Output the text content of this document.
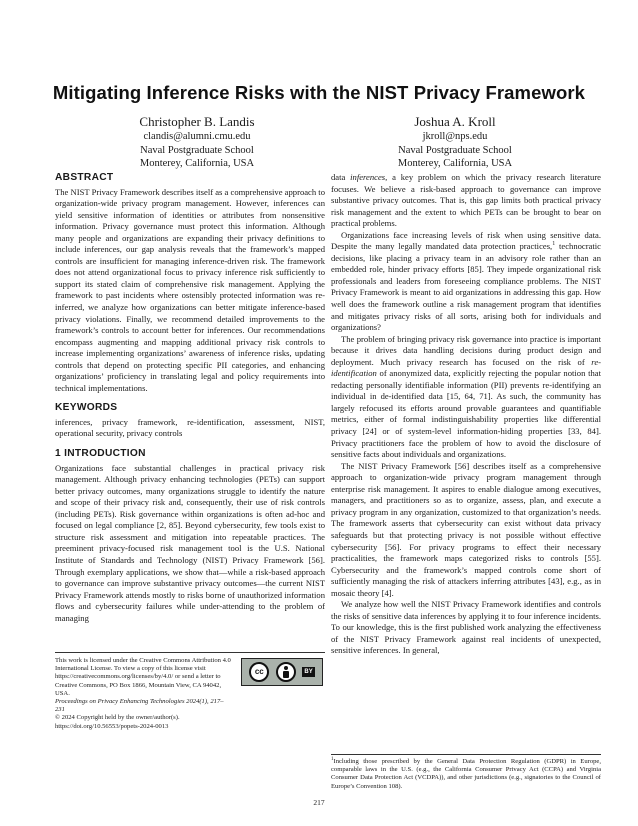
Mitigating Inference Risks with the NIST Privacy Framework
Christopher B. Landis
clandis@alumni.cmu.edu
Naval Postgraduate School
Monterey, California, USA
Joshua A. Kroll
jkroll@nps.edu
Naval Postgraduate School
Monterey, California, USA
ABSTRACT

The NIST Privacy Framework describes itself as a comprehensive approach to organization-wide privacy program management. However, inferences can yield sensitive information of identities or attributes from nonsensitive information. Privacy governance must protect this information. Although many people and organizations are expanding their privacy definitions to include inferences, our gap analysis reveals that the framework’s mapped controls are insufficient for managing inference-driven risk. The framework does not attend organizational focus to privacy inference risk sufficiently to support its stated claim of comprehensive risk management. Applying the framework to past incidents where ostensibly protected information was re-inferred, we analyze how organizations can better mitigate inference-based privacy violations. Finally, we recommend detailed improvements to the framework’s controls to account better for inferences. Our recommendations encompass augmenting and mapping additional privacy risk controls to increase implementing organizations’ awareness of inference risks, updating controls that depend on protecting specific PII categories, and enhancing organizations’ proficiency in translating legal and policy requirements into technical implementations.

KEYWORDS

inferences, privacy framework, re-identification, assessment, NIST, operational security, privacy controls

1 INTRODUCTION

Organizations face substantial challenges in practical privacy risk management. Although privacy enhancing technologies (PETs) can support better privacy outcomes, many organizations struggle to identify the nature and scope of their privacy risk and, consequently, their use of risk controls (including PETs). Risk governance within organizations is often ad-hoc and focused on legal compliance [2, 85]. Beyond cybersecurity, few tools exist to structure risk assessment and mitigation into repeatable practices. The preeminent privacy-focused risk management tool is the U.S. National Institute of Standards and Technology (NIST) Privacy Framework [56]. Through exemplary applications, we show that—while a risk-based approach to governance can improve substantive privacy outcomes—the current NIST Privacy Framework attends mostly to risks borne of unauthorized information flows and cybersecurity failures while under-attending to the problem of managing

data inferences, a key problem on which the privacy research literature focuses. We believe a risk-based approach to governance can improve substantive privacy outcomes. That is, this gap limits both practical privacy risk management and the extent to which PETs can be brought to bear on practical problems.

Organizations face increasing levels of risk when using sensitive data. Despite the many legally mandated data protection practices,$^1$ technocratic decisions, like placing a privacy team in an advisory role rather than an embedded role, hinder privacy efforts [85]. They impede organizational risk professionals and leaders from foreseeing compliance problems. The NIST Privacy Framework is meant to aid organizations in addressing this gap. How well does the framework outline a risk management program that identifies and mitigates privacy risks of all sorts, arising both for individuals and organizations?

The problem of bringing privacy risk governance into practice is important because it drives data handling decisions during product design and deployment. Much privacy research has focused on the risk of re-identification of anonymized data, explicitly rejecting the popular notion that redacting personally identifiable information (PII) prevents re-identifying an individual in de-identified data [15, 64, 71]. As such, the community has largely refocused its efforts around provable guarantees and quantifiable metrics, either of formal indistinguishability properties like differential privacy [24] or of system-level information-hiding properties [33, 84]. Privacy practitioners face the problem of how to avoid the disclosure of sensitive facts about individuals and organizations.

The NIST Privacy Framework [56] describes itself as a comprehensive approach to organization-wide privacy program management through enterprise risk management. It aspires to enable dialogue among executives, managers, and practitioners so as to organize, assess, plan, and execute a privacy program in any organization, customized to that organization’s needs. The framework asserts that cybersecurity can exist without data privacy safeguards but that protecting privacy is not possible without effective cybersecurity [56]. For privacy programs to effect their necessary practicalities, the framework maps categorized risks to controls [55]. Cybersecurity and the framework’s mapped controls come short of sufficiently managing the risk of attackers inferring attributes [43], e.g., as in mosaic theory [4].

We analyze how well the NIST Privacy Framework identifies and controls the risks of sensitive data inferences by applying it to four inference incidents. To our knowledge, this is the first published work analyzing the effectiveness of the NIST Privacy Framework against real incidents of unexpected, sensitive inferences. In general,

This work is licensed under the Creative Commons Attribution 4.0 International License. To view a copy of this license visit https://creativecommons.org/licenses/by/4.0/ or send a letter to Creative Commons, PO Box 1866, Mountain View, CA 94042, USA.
Proceedings on Privacy Enhancing Technologies 2024(1), 217–231
© 2024 Copyright held by the owner/author(s).
https://doi.org/10.56553/popets-2024-0013
cc	BY
$^1$Including those prescribed by the General Data Protection Regulation (GDPR) in Europe, comparable laws in the U.S. (e.g., the California Consumer Privacy Act (CCPA) and Virginia Consumer Data Protection Act (VCDPA)), and other jurisdictions (e.g., signatories to the Council of Europe’s Convention 108).
217
